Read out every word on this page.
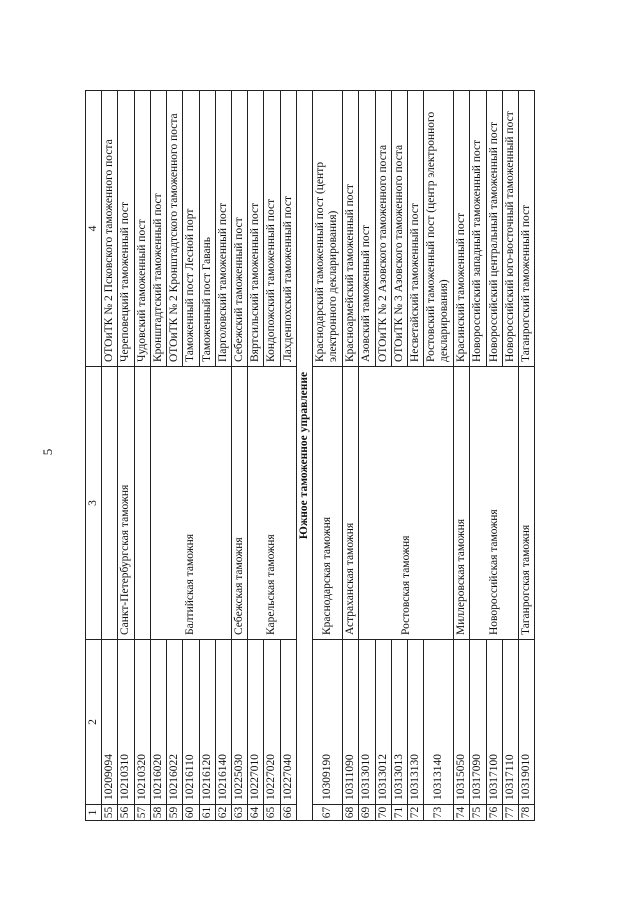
5
1	2	3	4
55	10209094		ОТОиТК № 2 Псковского таможенного поста
56	10210310	Санкт-Петербургская таможня	Череповецкий таможенный пост
57	10210320		Чудовский таможенный пост
58	10216020	Балтийская таможня	Кронштадтский таможенный пост
59	10216022		ОТОиТК № 2 Кронштадтского таможенного поста
60	10216110		Таможенный пост Лесной порт
61	10216120		Таможенный пост Гавань
62	10216140		Парголовский таможенный пост
63	10225030	Себежская таможня	Себежский таможенный пост
64	10227010	Карельская таможня	Вяртсильский таможенный пост
65	10227020		Кондопожский таможенный пост
66	10227040		Лахденпохский таможенный пост
Южное таможенное управление			
67	10309190	Краснодарская таможня	Краснодарский таможенный пост (центр электронного декларирования)
68	10311090	Астраханская таможня	Красноармейский таможенный пост
69	10313010	Ростовская таможня	Азовский таможенный пост
70	10313012		ОТОиТК № 2 Азовского таможенного поста
71	10313013		ОТОиТК № 3 Азовского таможенного поста
72	10313130		Несветайский таможенный пост
73	10313140		Ростовский таможенный пост (центр электронного декларирования)
74	10315050	Миллеровская таможня	Красинский таможенный пост
75	10317090	Новороссийская таможня	Новороссийский западный таможенный пост
76	10317100		Новороссийский центральный таможенный пост
77	10317110		Новороссийский юго-восточный таможенный пост
78	10319010	Таганрогская таможня	Таганрогский таможенный пост
